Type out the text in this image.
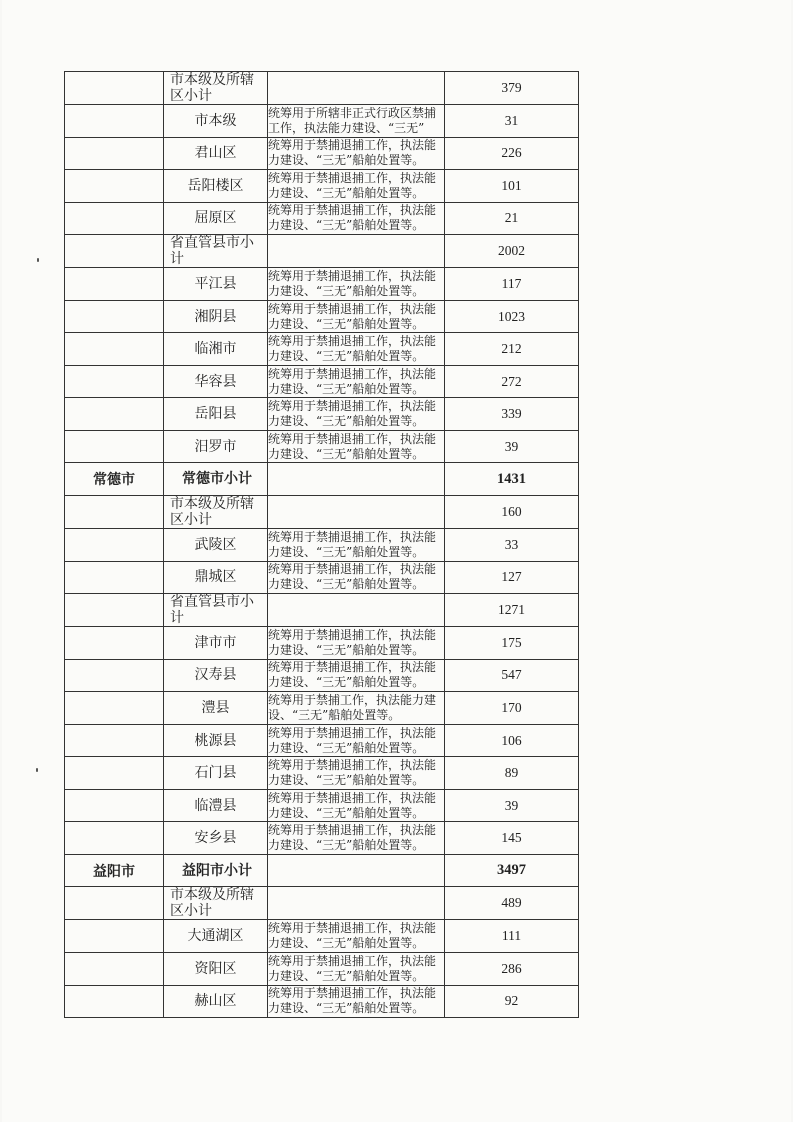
	市本级及所辖区小计		379
	市本级	统筹用于所辖非正式行政区禁捕工作，执法能力建设、“三无”	31
	君山区	统筹用于禁捕退捕工作，执法能力建设、“三无”船舶处置等。	226
	岳阳楼区	统筹用于禁捕退捕工作，执法能力建设、“三无”船舶处置等。	101
	屈原区	统筹用于禁捕退捕工作，执法能力建设、“三无”船舶处置等。	21
	省直管县市小计		2002
	平江县	统筹用于禁捕退捕工作，执法能力建设、“三无”船舶处置等。	117
	湘阴县	统筹用于禁捕退捕工作，执法能力建设、“三无”船舶处置等。	1023
	临湘市	统筹用于禁捕退捕工作，执法能力建设、“三无”船舶处置等。	212
	华容县	统筹用于禁捕退捕工作，执法能力建设、“三无”船舶处置等。	272
	岳阳县	统筹用于禁捕退捕工作，执法能力建设、“三无”船舶处置等。	339
	汨罗市	统筹用于禁捕退捕工作，执法能力建设、“三无”船舶处置等。	39
常德市	常德市小计		1431
	市本级及所辖区小计		160
	武陵区	统筹用于禁捕退捕工作，执法能力建设、“三无”船舶处置等。	33
	鼎城区	统筹用于禁捕退捕工作，执法能力建设、“三无”船舶处置等。	127
	省直管县市小计		1271
	津市市	统筹用于禁捕退捕工作，执法能力建设、“三无”船舶处置等。	175
	汉寿县	统筹用于禁捕退捕工作，执法能力建设、“三无”船舶处置等。	547
	澧县	统筹用于禁捕工作，执法能力建设、“三无”船舶处置等。	170
	桃源县	统筹用于禁捕退捕工作，执法能力建设、“三无”船舶处置等。	106
	石门县	统筹用于禁捕退捕工作，执法能力建设、“三无”船舶处置等。	89
	临澧县	统筹用于禁捕退捕工作，执法能力建设、“三无”船舶处置等。	39
	安乡县	统筹用于禁捕退捕工作，执法能力建设、“三无”船舶处置等。	145
益阳市	益阳市小计		3497
	市本级及所辖区小计		489
	大通湖区	统筹用于禁捕退捕工作，执法能力建设、“三无”船舶处置等。	111
	资阳区	统筹用于禁捕退捕工作，执法能力建设、“三无”船舶处置等。	286
	赫山区	统筹用于禁捕退捕工作，执法能力建设、“三无”船舶处置等。	92
